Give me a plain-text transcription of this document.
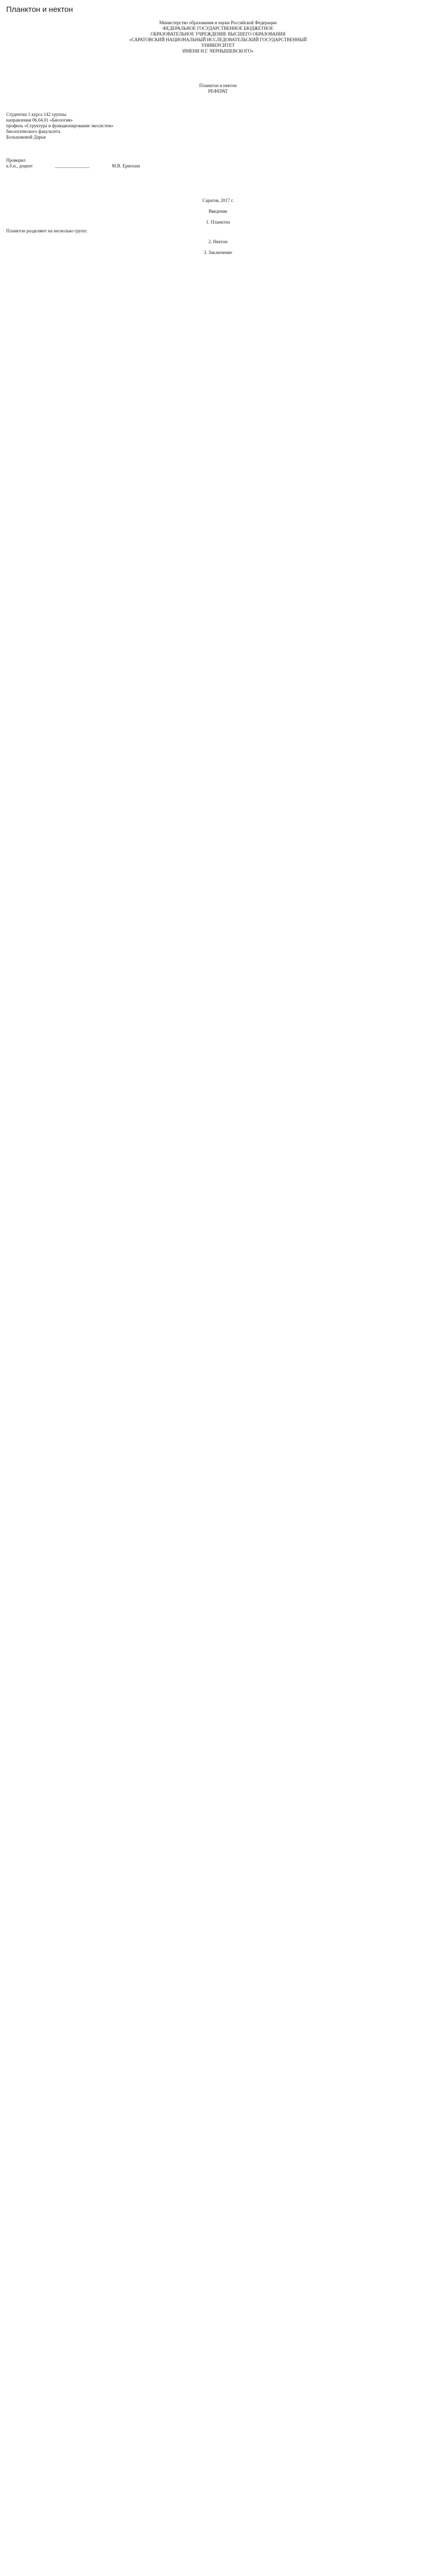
Планктон и нектон
Министерство образования и науки Российской Федерации
ФЕДЕРАЛЬНОЕ ГОСУДАРСТВЕННОЕ БЮДЖЕТНОЕ
ОБРАЗОВАТЕЛЬНОЕ УЧРЕЖДЕНИЕ ВЫСШЕГО ОБРАЗОВАНИЯ
«САРАТОВСКИЙ НАЦИОНАЛЬНЫЙ ИССЛЕДОВАТЕЛЬСКИЙ ГОСУДАРСТВЕННЫЙ
УНИВЕРСИТЕТ
ИМЕНИ Н.Г. ЧЕРНЫШЕВСКОГО»
Планктон и нектон
РЕФЕРАТ
Студентки 1 курса 142 группы
направления 06.04.01 «Биология»
профиль «Структура и функционирование экосистем»
биологического факультета
Большаковой Дарьи
Проверил
к.б.н., доцент	_______________	М.В. Ермохин
Саратов, 2017 г.
Введение

1. Планктон

Планктон разделяют на несколько групп:

2. Нектон

3. Заключение
